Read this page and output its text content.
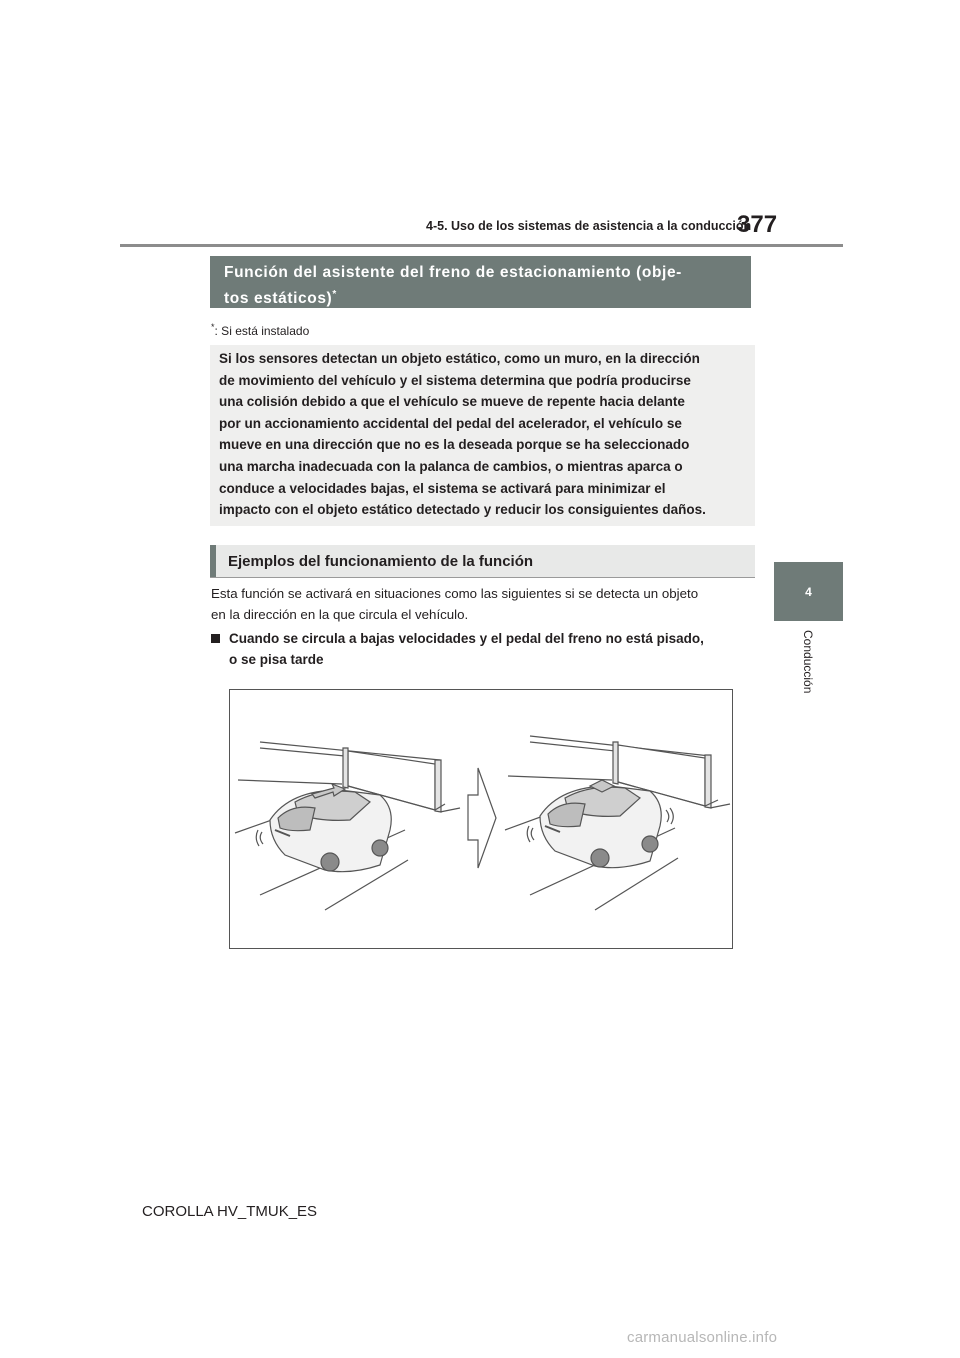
4-5. Uso de los sistemas de asistencia a la conducción
377
4
Conducción
Función del asistente del freno de estacionamiento (obje-
tos estáticos)*
*: Si está instalado
Si los sensores detectan un objeto estático, como un muro, en la dirección
de movimiento del vehículo y el sistema determina que podría producirse
una colisión debido a que el vehículo se mueve de repente hacia delante
por un accionamiento accidental del pedal del acelerador, el vehículo se
mueve en una dirección que no es la deseada porque se ha seleccionado
una marcha inadecuada con la palanca de cambios, o mientras aparca o
conduce a velocidades bajas, el sistema se activará para minimizar el
impacto con el objeto estático detectado y reducir los consiguientes daños.
Ejemplos del funcionamiento de la función
Esta función se activará en situaciones como las siguientes si se detecta un objeto
en la dirección en la que circula el vehículo.
Cuando se circula a bajas velocidades y el pedal del freno no está pisado,
o se pisa tarde
COROLLA HV_TMUK_ES
carmanualsonline.info
